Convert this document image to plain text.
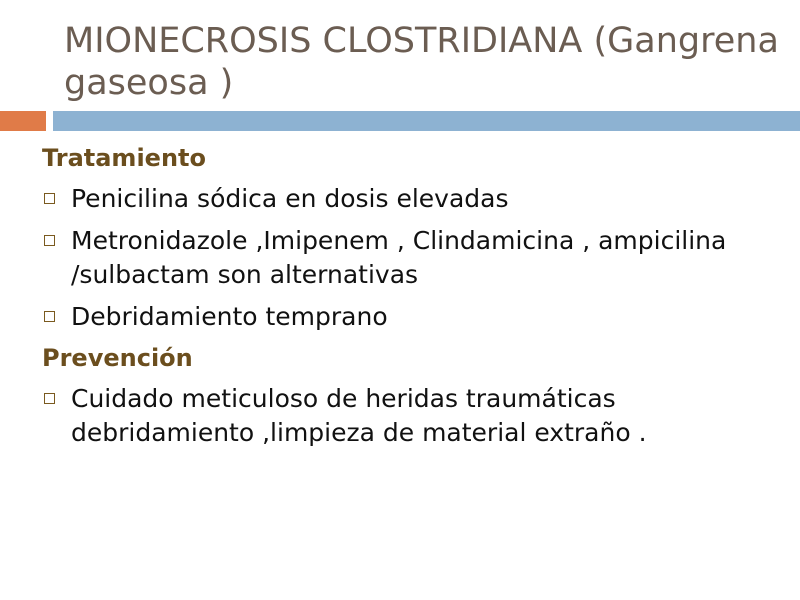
MIONECROSIS CLOSTRIDIANA (Gangrena gaseosa )
Tratamiento
Penicilina sódica en dosis elevadas
Metronidazole ,Imipenem , Clindamicina , ampicilina /sulbactam son alternativas
Debridamiento temprano
Prevención
Cuidado meticuloso de heridas traumáticas debridamiento ,limpieza de material extraño .
